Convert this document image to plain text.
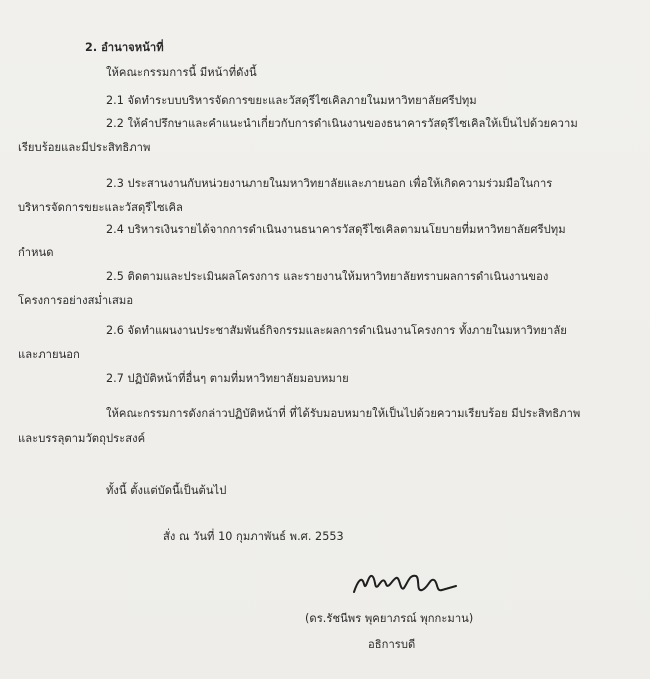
2. อำนาจหน้าที่
ให้คณะกรรมการนี้ มีหน้าที่ดังนี้
2.1 จัดทำระบบบริหารจัดการขยะและวัสดุรีไซเคิลภายในมหาวิทยาลัยศรีปทุม
2.2 ให้คำปรึกษาและคำแนะนำเกี่ยวกับการดำเนินงานของธนาคารวัสดุรีไซเคิลให้เป็นไปด้วยความ
เรียบร้อยและมีประสิทธิภาพ
2.3 ประสานงานกับหน่วยงานภายในมหาวิทยาลัยและภายนอก เพื่อให้เกิดความร่วมมือในการ
บริหารจัดการขยะและวัสดุรีไซเคิล
2.4 บริหารเงินรายได้จากการดำเนินงานธนาคารวัสดุรีไซเคิลตามนโยบายที่มหาวิทยาลัยศรีปทุม
กำหนด
2.5 ติดตามและประเมินผลโครงการ และรายงานให้มหาวิทยาลัยทราบผลการดำเนินงานของ
โครงการอย่างสม่ำเสมอ
2.6 จัดทำแผนงานประชาสัมพันธ์กิจกรรมและผลการดำเนินงานโครงการ ทั้งภายในมหาวิทยาลัย
และภายนอก
2.7 ปฏิบัติหน้าที่อื่นๆ ตามที่มหาวิทยาลัยมอบหมาย
ให้คณะกรรมการดังกล่าวปฏิบัติหน้าที่ ที่ได้รับมอบหมายให้เป็นไปด้วยความเรียบร้อย มีประสิทธิภาพ
และบรรลุตามวัตถุประสงค์
ทั้งนี้ ตั้งแต่บัดนี้เป็นต้นไป
สั่ง ณ วันที่ 10 กุมภาพันธ์ พ.ศ. 2553
(ดร.รัชนีพร พุคยาภรณ์ พุกกะมาน)
อธิการบดี
